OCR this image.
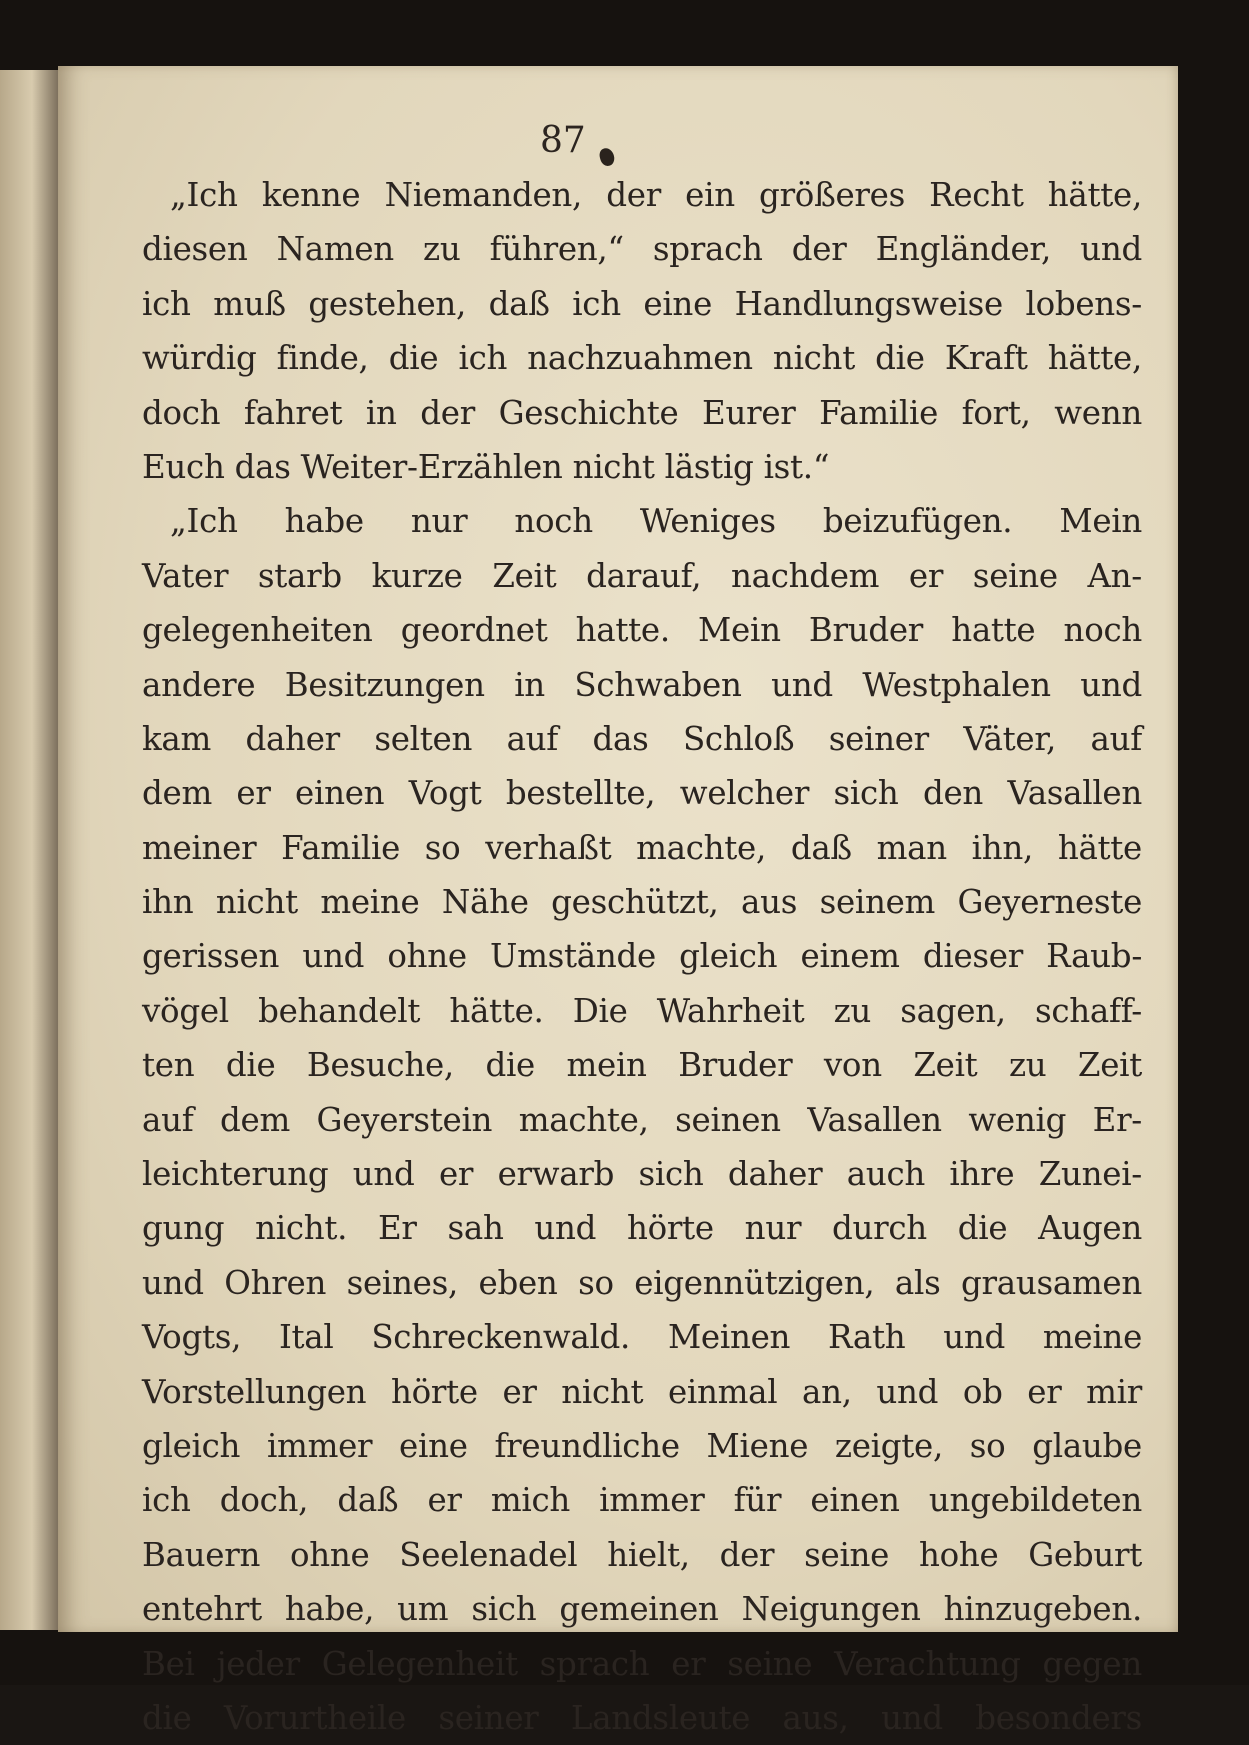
87
„Ich kenne Niemanden, der ein größeres Recht hätte,
diesen Namen zu führen,“ sprach der Engländer, und
ich muß gestehen, daß ich eine Handlungsweise lobens-
würdig finde, die ich nachzuahmen nicht die Kraft hätte,
doch fahret in der Geschichte Eurer Familie fort, wenn
Euch das Weiter-Erzählen nicht lästig ist.“
„Ich habe nur noch Weniges beizufügen. Mein
Vater starb kurze Zeit darauf, nachdem er seine An-
gelegenheiten geordnet hatte. Mein Bruder hatte noch
andere Besitzungen in Schwaben und Westphalen und
kam daher selten auf das Schloß seiner Väter, auf
dem er einen Vogt bestellte, welcher sich den Vasallen
meiner Familie so verhaßt machte, daß man ihn, hätte
ihn nicht meine Nähe geschützt, aus seinem Geyerneste
gerissen und ohne Umstände gleich einem dieser Raub-
vögel behandelt hätte. Die Wahrheit zu sagen, schaff-
ten die Besuche, die mein Bruder von Zeit zu Zeit
auf dem Geyerstein machte, seinen Vasallen wenig Er-
leichterung und er erwarb sich daher auch ihre Zunei-
gung nicht. Er sah und hörte nur durch die Augen
und Ohren seines, eben so eigennützigen, als grausamen
Vogts, Ital Schreckenwald. Meinen Rath und meine
Vorstellungen hörte er nicht einmal an, und ob er mir
gleich immer eine freundliche Miene zeigte, so glaube
ich doch, daß er mich immer für einen ungebildeten
Bauern ohne Seelenadel hielt, der seine hohe Geburt
entehrt habe, um sich gemeinen Neigungen hinzugeben.
Bei jeder Gelegenheit sprach er seine Verachtung gegen
die Vorurtheile seiner Landsleute aus, und besonders
